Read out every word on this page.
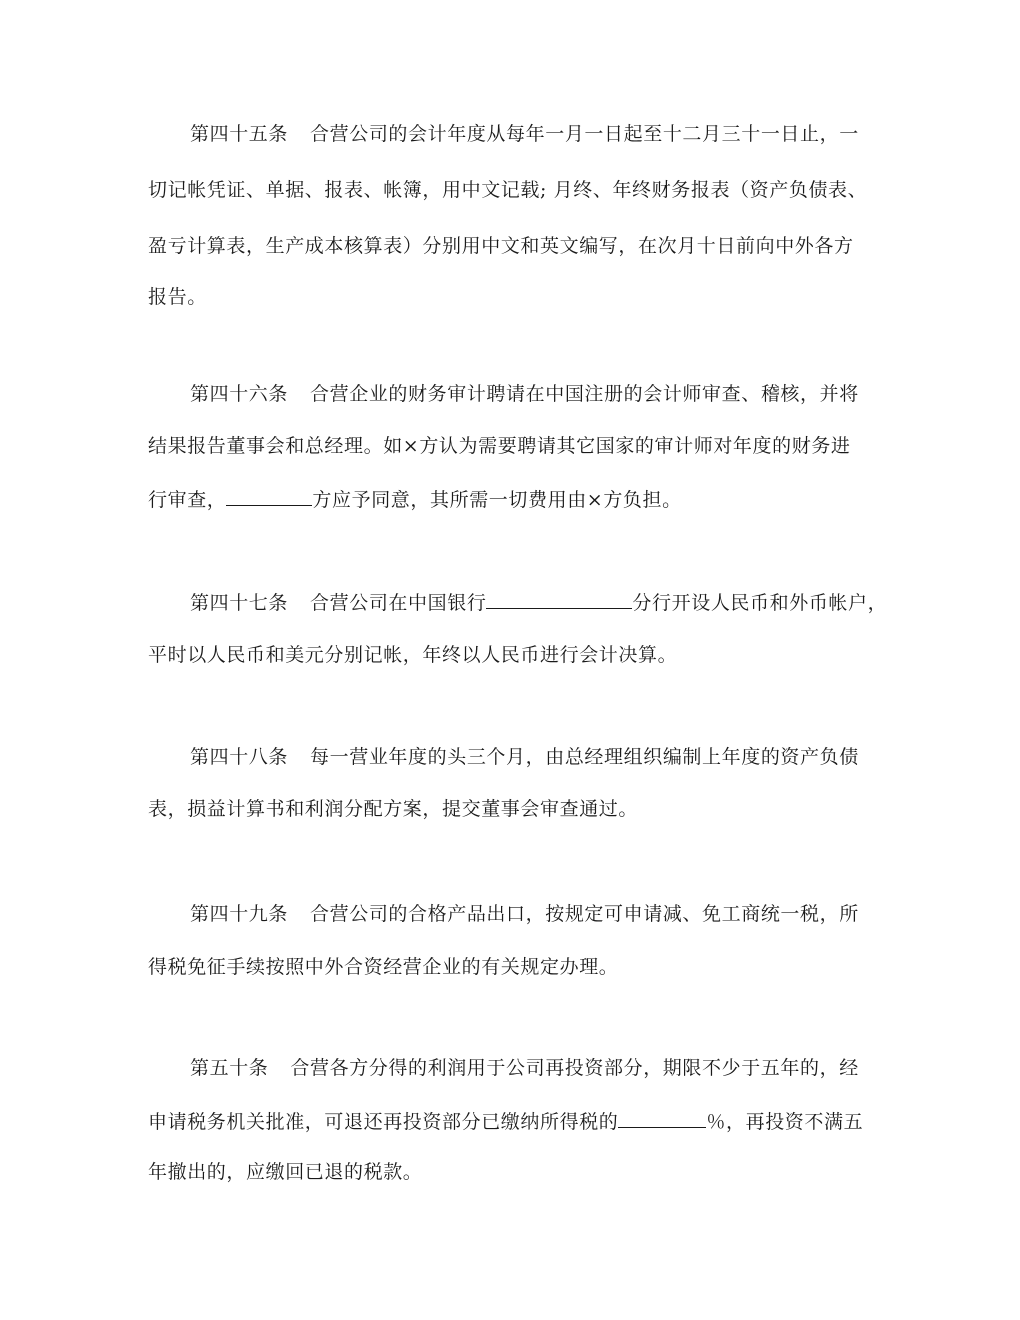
第四十五条 合营公司的会计年度从每年一月一日起至十二月三十一日止，一
切记帐凭证、单据、报表、帐簿，用中文记载; 月终、年终财务报表（资产负债表、
盈亏计算表，生产成本核算表）分别用中文和英文编写，在次月十日前向中外各方
报告。
第四十六条 合营企业的财务审计聘请在中国注册的会计师审查、稽核，并将
结果报告董事会和总经理。如×方认为需要聘请其它国家的审计师对年度的财务进
行审查，	方应予同意，其所需一切费用由×方负担。
第四十七条 合营公司在中国银行	分行开设人民币和外币帐户，
平时以人民币和美元分别记帐，年终以人民币进行会计决算。
第四十八条 每一营业年度的头三个月，由总经理组织编制上年度的资产负债
表，损益计算书和利润分配方案，提交董事会审查通过。
第四十九条 合营公司的合格产品出口，按规定可申请减、免工商统一税，所
得税免征手续按照中外合资经营企业的有关规定办理。
第五十条 合营各方分得的利润用于公司再投资部分，期限不少于五年的，经
申请税务机关批准，可退还再投资部分已缴纳所得税的	％，再投资不满五
年撤出的，应缴回已退的税款。
